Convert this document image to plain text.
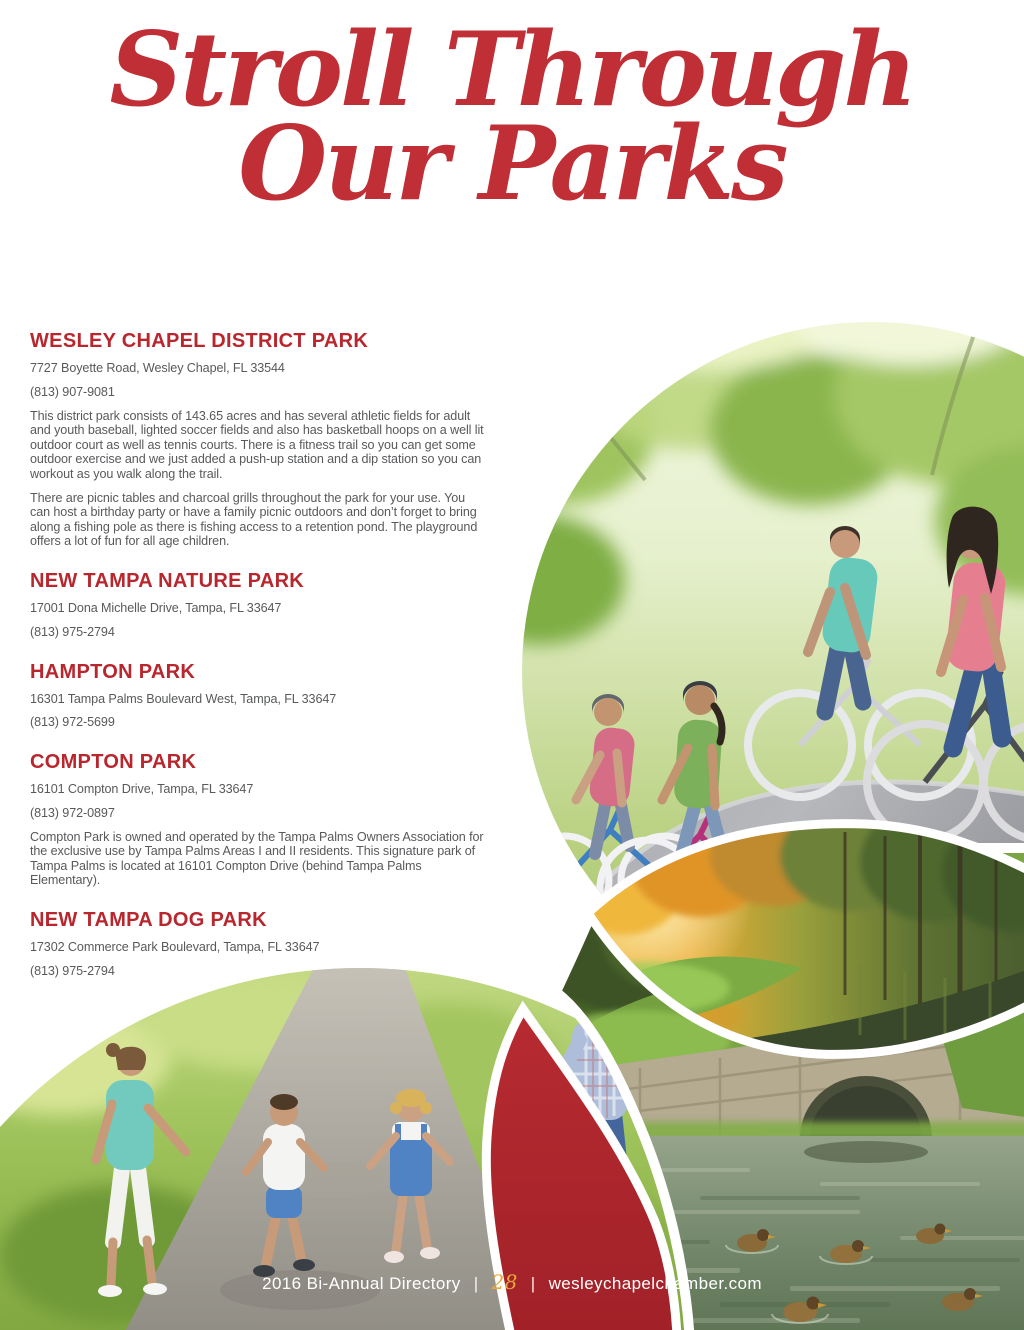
Stroll Through
Our Parks
WESLEY CHAPEL DISTRICT PARK

7727 Boyette Road, Wesley Chapel, FL 33544

(813) 907-9081

This district park consists of 143.65 acres and has several athletic fields for adult and youth baseball, lighted soccer fields and also has basketball hoops on a well lit outdoor court as well as tennis courts. There is a fitness trail so you can get some outdoor exercise and we just added a push-up station and a dip station so you can workout as you walk along the trail.

There are picnic tables and charcoal grills throughout the park for your use. You can host a birthday party or have a family picnic outdoors and don’t forget to bring along a fishing pole as there is fishing access to a retention pond. The playground offers a lot of fun for all age children.

NEW TAMPA NATURE PARK

17001 Dona Michelle Drive, Tampa, FL 33647

(813) 975-2794

HAMPTON PARK

16301 Tampa Palms Boulevard West, Tampa, FL 33647

(813) 972-5699

COMPTON PARK

16101 Compton Drive, Tampa, FL 33647

(813) 972-0897

Compton Park is owned and operated by the Tampa Palms Owners Association for the exclusive use by Tampa Palms Areas I and II residents. This signature park of Tampa Palms is located at 16101 Compton Drive (behind Tampa Palms Elementary).

NEW TAMPA DOG PARK

17302 Commerce Park Boulevard, Tampa, FL 33647

(813) 975-2794

2016 Bi-Annual Directory | 28 | wesleychapelchamber.com
